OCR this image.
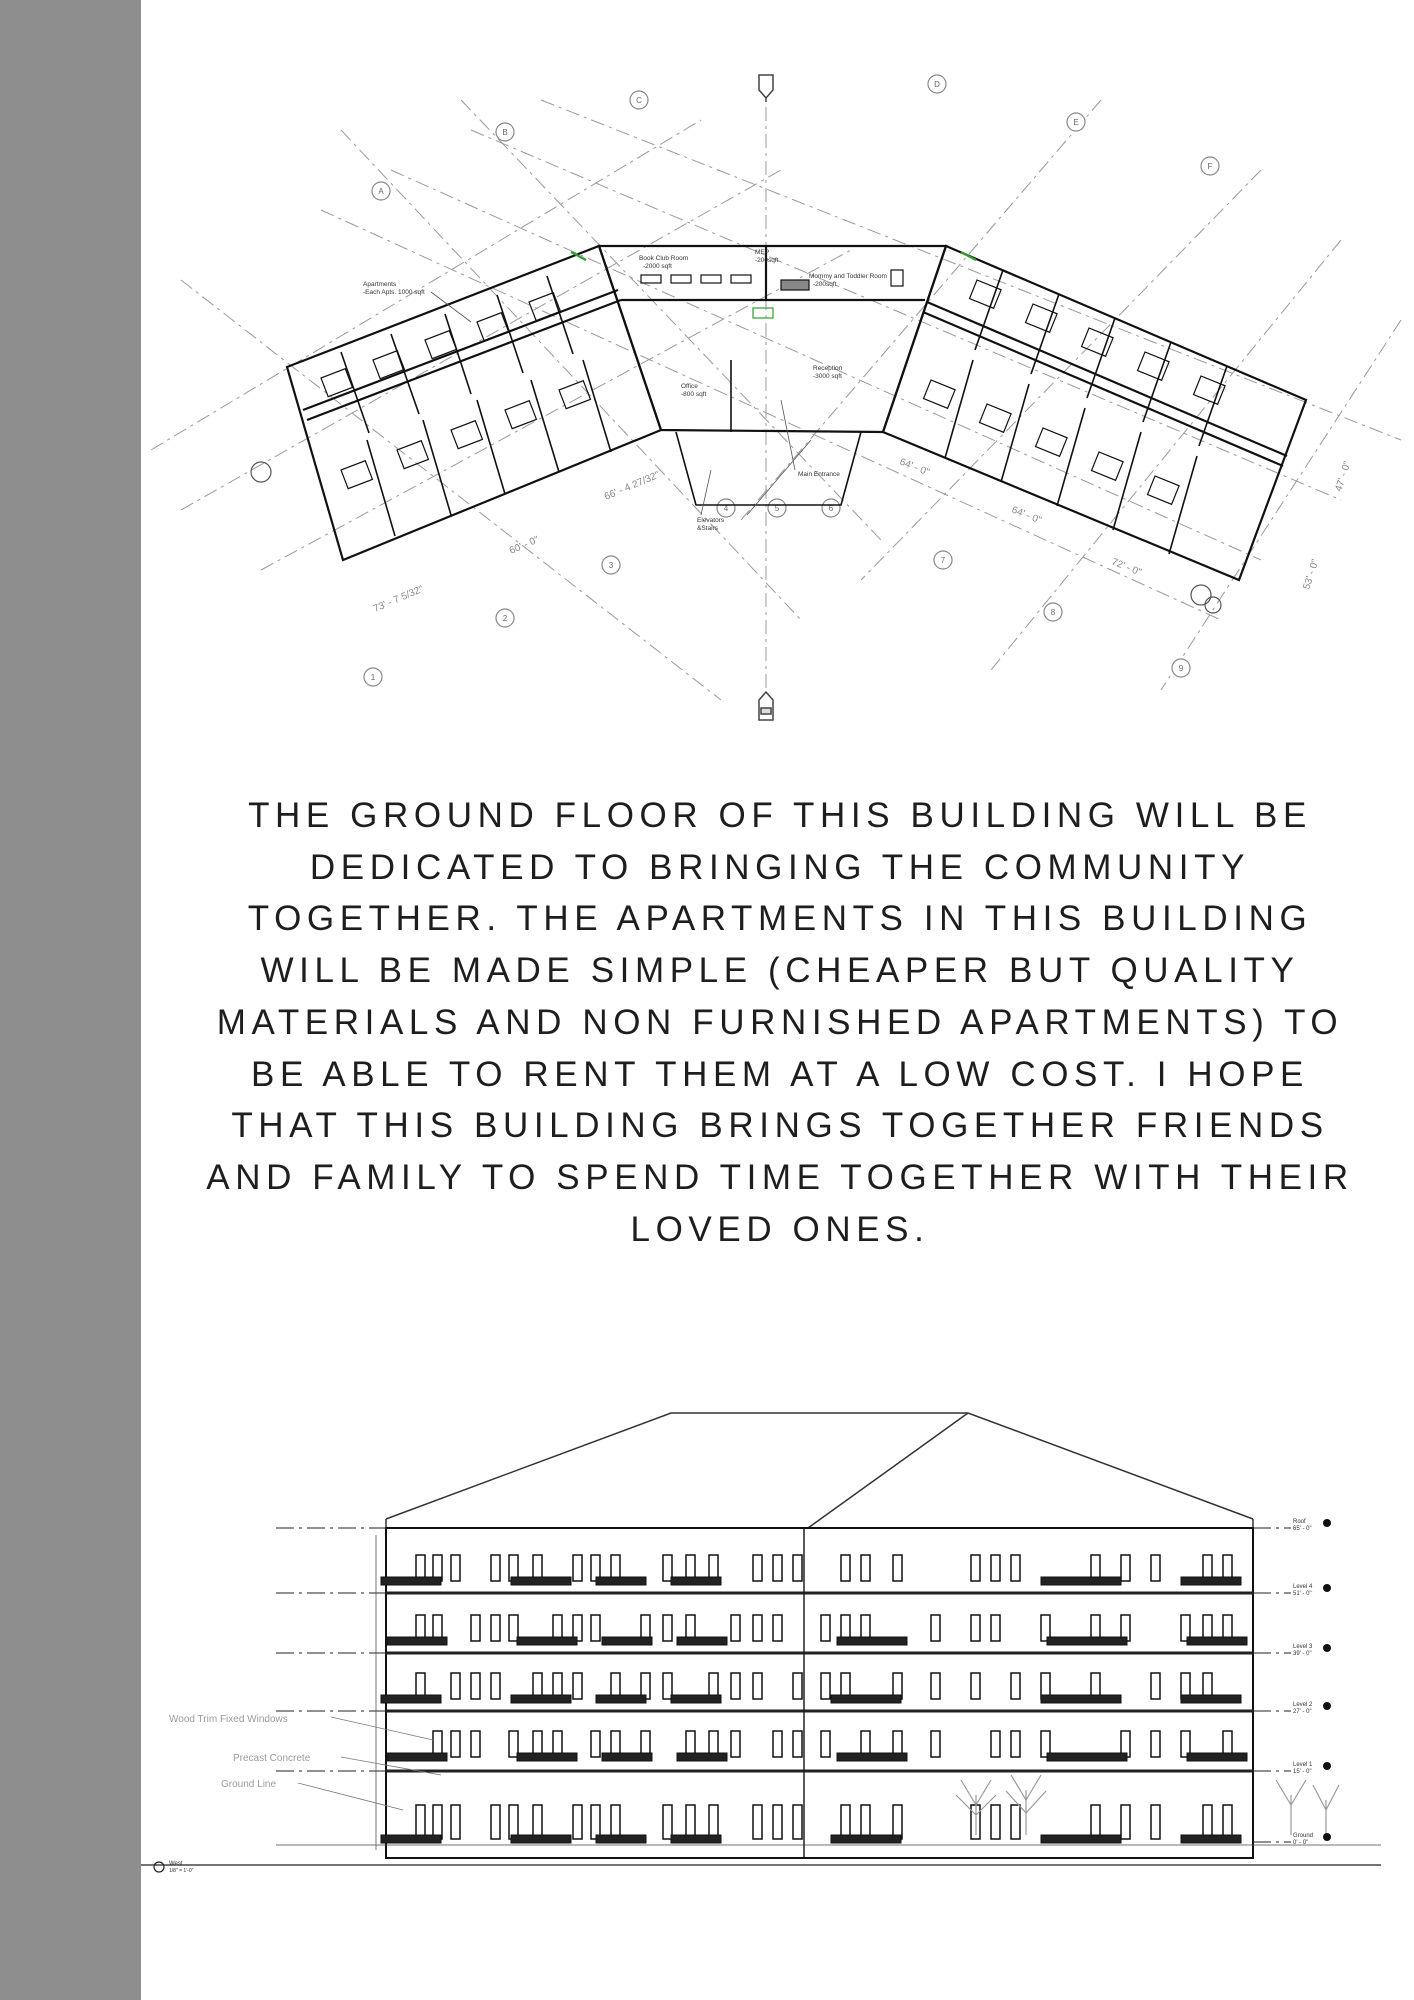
A
B
C
D
E
F
1
2
3
4	5	6
7
8
9
Apartments
-Each Apts. 1000 sqft
Book Club Room
-2000 sqft
MEP
-200sqft
Mommy and Toddler Room
-200sqft
Office
-800 sqft
Reception
-3000 sqft
Main Entrance
Elevators
&Stairs
73' - 7 5/32"
60' - 0"
66' - 4 27/32"
64' - 0"
64' - 0"
72' - 0"
47' - 0"
53' - 0"

THE GROUND FLOOR OF THIS BUILDING WILL BE DEDICATED TO BRINGING THE COMMUNITY TOGETHER. THE APARTMENTS IN THIS BUILDING WILL BE MADE SIMPLE (CHEAPER BUT QUALITY MATERIALS AND NON FURNISHED APARTMENTS) TO BE ABLE TO RENT THEM AT A LOW COST. I HOPE THAT THIS BUILDING BRINGS TOGETHER FRIENDS AND FAMILY TO SPEND TIME TOGETHER WITH THEIR LOVED ONES.

Wood Trim Fixed Windows
Precast Concrete
Ground Line
Roof
65' - 0"
Level 4
51' - 0"
Level 3
39' - 0"
Level 2
27' - 0"
Level 1
15' - 0"
Ground
0' - 0"
West
1/8" = 1'-0"
